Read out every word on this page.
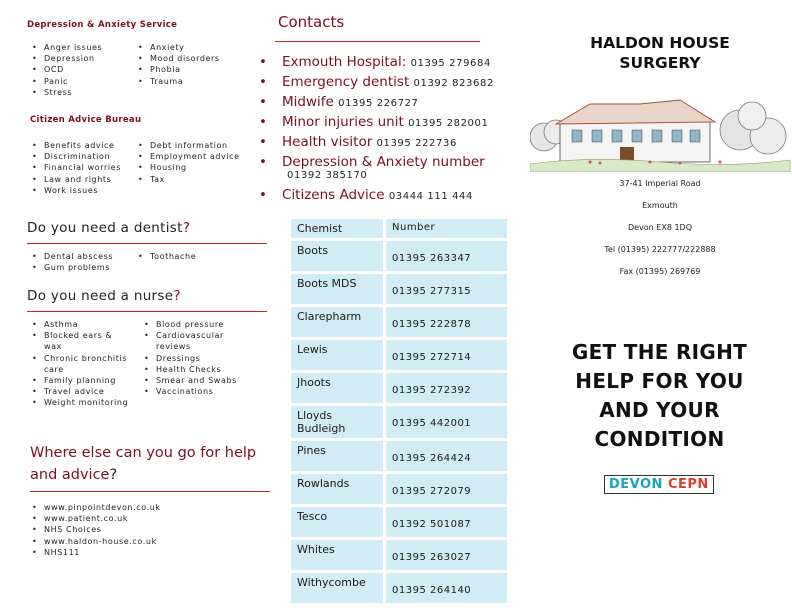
Depression & Anxiety Service
• Anger issues
• Depression
• OCD
• Panic
• Stress
• Anxiety
• Mood disorders
• Phobia
• Trauma
Citizen Advice Bureau
• Benefits advice
• Discrimination
• Financial worries
• Law and rights
• Work issues
• Debt information
• Employment advice
• Housing
• Tax
Do you need a dentist?
• Dental abscess
• Gum problems
• Toothache
Do you need a nurse?
• Asthma
• Blocked ears & wax
• Chronic bronchitis care
• Family planning
• Travel advice
• Weight monitoring
• Blood pressure
• Cardiovascular reviews
• Dressings
• Health Checks
• Smear and Swabs
• Vaccinations
Where else can you go for help and advice?
• www.pinpointdevon.co.uk
• www.patient.co.uk
• NHS Choices
• www.haldon-house.co.uk
• NHS111
Contacts
• Exmouth Hospital: 01395 279684
• Emergency dentist 01392 823682
• Midwife 01395 226727
• Minor injuries unit 01395 282001
• Health visitor 01395 222736
• Depression & Anxiety number
01392 385170
• Citizens Advice 03444 111 444
Chemist	Number
Boots	01395 263347
Boots MDS	01395 277315
Clarepharm	01395 222878
Lewis	01395 272714
Jhoots	01395 272392
Lloyds Budleigh	01395 442001
Pines	01395 264424
Rowlands	01395 272079
Tesco	01392 501087
Whites	01395 263027
Withycombe	01395 264140
HALDON HOUSE SURGERY
37-41 Imperial Road
Exmouth
Devon EX8 1DQ
Tel (01395) 222777/222888
Fax (01395) 269769
GET THE RIGHT HELP FOR YOU AND YOUR CONDITION
DEVON CEPN
